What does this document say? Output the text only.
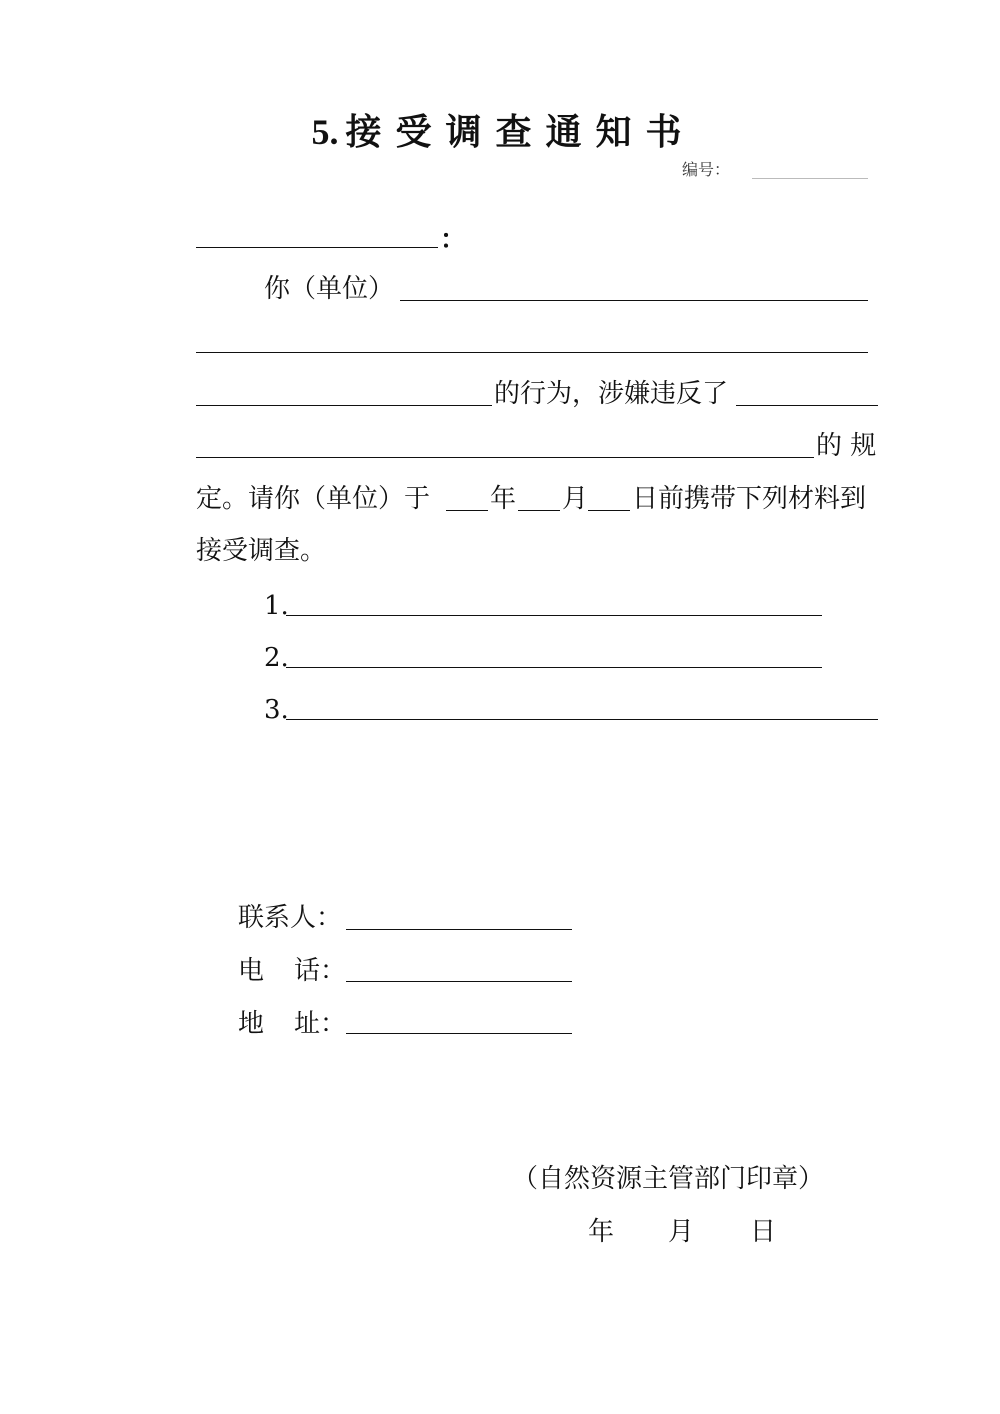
5. 接 受 调 查 通 知 书
编号：
：
你（单位）
的行为，涉嫌违反了
的 规
定。请你（单位）于 年 月 日前携带下列材料到
接受调查。
1.
2.
3.
联系人：
电 话：
地 址：
（自然资源主管部门印章）
年 月 日
